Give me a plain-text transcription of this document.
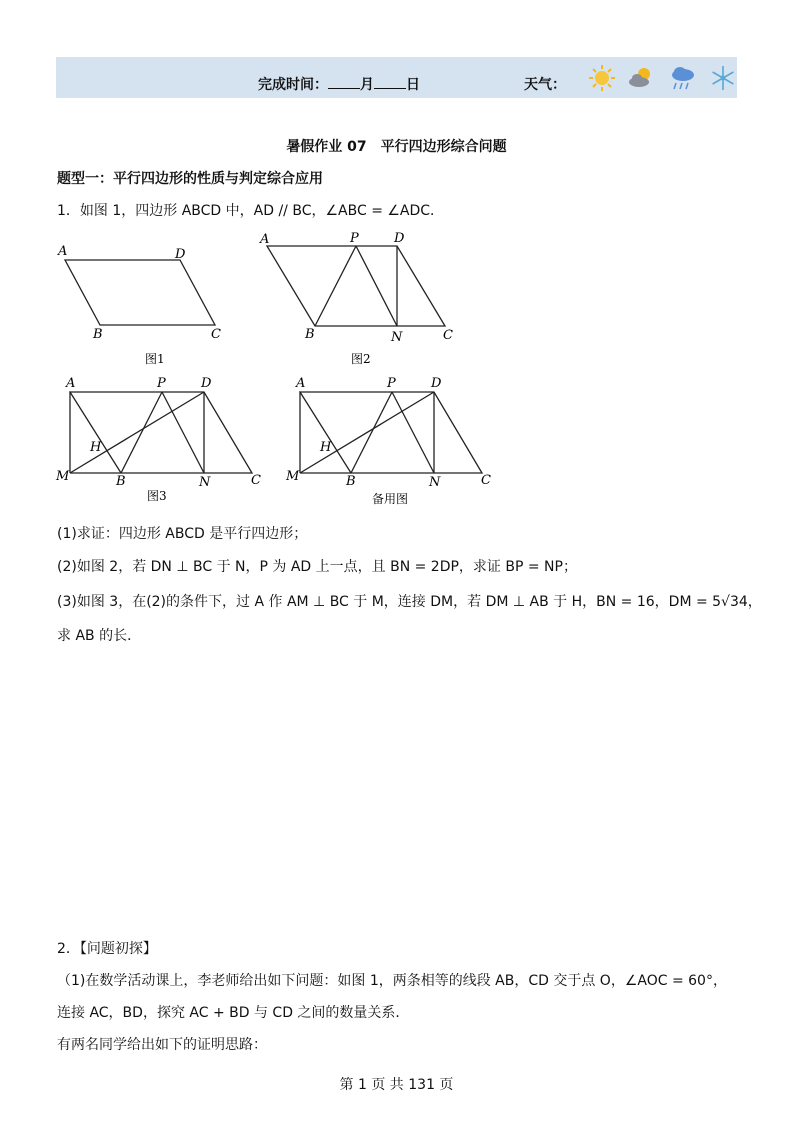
完成时间： 月 日	天气：
暑假作业 07　平行四边形综合问题
题型一：平行四边形的性质与判定综合应用
1．如图 1，四边形 ABCD 中，AD // BC，∠ABC = ∠ADC．
A	D
B	C
图1
A	P	D
B	N	C
图2
A	P	D
H
M	B	N	C
图3
A	P	D
H
M	B	N	C
备用图
(1)求证：四边形 ABCD 是平行四边形；
(2)如图 2，若 DN ⊥ BC 于 N，P 为 AD 上一点，且 BN = 2DP，求证 BP = NP；
(3)如图 3，在(2)的条件下，过 A 作 AM ⊥ BC 于 M，连接 DM，若 DM ⊥ AB 于 H，BN = 16，DM = 5√34，
求 AB 的长．
2．【问题初探】
（1)在数学活动课上，李老师给出如下问题：如图 1，两条相等的线段 AB，CD 交于点 O，∠AOC = 60°，
连接 AC，BD，探究 AC + BD 与 CD 之间的数量关系．
有两名同学给出如下的证明思路：
第 1 页 共 131 页
